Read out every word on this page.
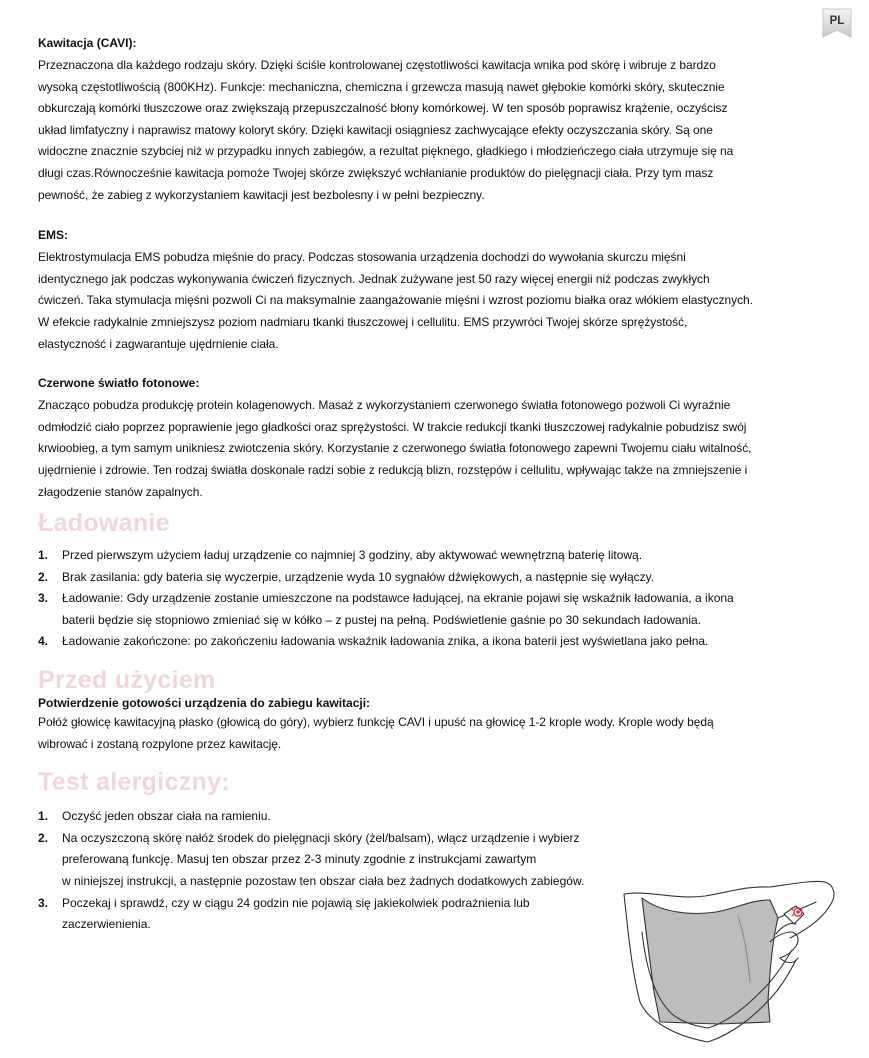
PL

Kawitacja (CAVI):

Przeznaczona dla każdego rodzaju skóry. Dzięki ściśle kontrolowanej częstotliwości kawitacja wnika pod skórę i wibruje z bardzo
wysoką częstotliwością (800KHz). Funkcje: mechaniczna, chemiczna i grzewcza masują nawet głębokie komórki skóry, skutecznie
obkurczają komórki tłuszczowe oraz zwiększają przepuszczalność błony komórkowej. W ten sposób poprawisz krążenie, oczyścisz
układ limfatyczny i naprawisz matowy koloryt skóry. Dzięki kawitacji osiągniesz zachwycające efekty oczyszczania skóry. Są one
widoczne znacznie szybciej niż w przypadku innych zabiegów, a rezultat pięknego, gładkiego i młodzieńczego ciała utrzymuje się na
długi czas.Równocześnie kawitacja pomoże Twojej skórze zwiększyć wchłanianie produktów do pielęgnacji ciała. Przy tym masz
pewność, że zabieg z wykorzystaniem kawitacji jest bezbolesny i w pełni bezpieczny.

EMS:

Elektrostymulacja EMS pobudza mięśnie do pracy. Podczas stosowania urządzenia dochodzi do wywołania skurczu mięśni
identycznego jak podczas wykonywania ćwiczeń fizycznych. Jednak zużywane jest 50 razy więcej energii niż podczas zwykłych
ćwiczeń. Taka stymulacja mięśni pozwoli Ci na maksymalnie zaangażowanie mięśni i wzrost poziomu białka oraz włókiem elastycznych.
W efekcie radykalnie zmniejszysz poziom nadmiaru tkanki tłuszczowej i cellulitu. EMS przywróci Twojej skórze sprężystość,
elastyczność i zagwarantuje ujędrnienie ciała.

Czerwone światło fotonowe:

Znacząco pobudza produkcję protein kolagenowych. Masaż z wykorzystaniem czerwonego światła fotonowego pozwoli Ci wyraźnie
odmłodzić ciało poprzez poprawienie jego gładkości oraz sprężystości. W trakcie redukcji tkanki tłuszczowej radykalnie pobudzisz swój
krwioobieg, a tym samym unikniesz zwiotczenia skóry. Korzystanie z czerwonego światła fotonowego zapewni Twojemu ciału witalność,
ujędrnienie i zdrowie. Ten rodzaj światła doskonale radzi sobie z redukcją blizn, rozstępów i cellulitu, wpływając także na zmniejszenie i
złagodzenie stanów zapalnych.
Ładowanie
1. Przed pierwszym użyciem ładuj urządzenie co najmniej 3 godziny, aby aktywować wewnętrzną baterię litową.
2. Brak zasilania: gdy bateria się wyczerpie, urządzenie wyda 10 sygnałów dźwiękowych, a następnie się wyłączy.
3. Ładowanie: Gdy urządzenie zostanie umieszczone na podstawce ładującej, na ekranie pojawi się wskaźnik ładowania, a ikona
baterii będzie się stopniowo zmieniać się w kółko – z pustej na pełną. Podświetlenie gaśnie po 30 sekundach ładowania.
4. Ładowanie zakończone: po zakończeniu ładowania wskaźnik ładowania znika, a ikona baterii jest wyświetlana jako pełna.
Przed użyciem

Potwierdzenie gotowości urządzenia do zabiegu kawitacji:

Połóż głowicę kawitacyjną płasko (głowicą do góry), wybierz funkcję CAVI i upuść na głowicę 1-2 krople wody. Krople wody będą
wibrować i zostaną rozpylone przez kawitację.
Test alergiczny:
1. Oczyść jeden obszar ciała na ramieniu.
2. Na oczyszczoną skórę nałóż środek do pielęgnacji skóry (żel/balsam), włącz urządzenie i wybierz
preferowaną funkcję. Masuj ten obszar przez 2-3 minuty zgodnie z instrukcjami zawartym
w niniejszej instrukcji, a następnie pozostaw ten obszar ciała bez żadnych dodatkowych zabiegów.
3. Poczekaj i sprawdź, czy w ciągu 24 godzin nie pojawią się jakiekolwiek podrażnienia lub
zaczerwienienia.
